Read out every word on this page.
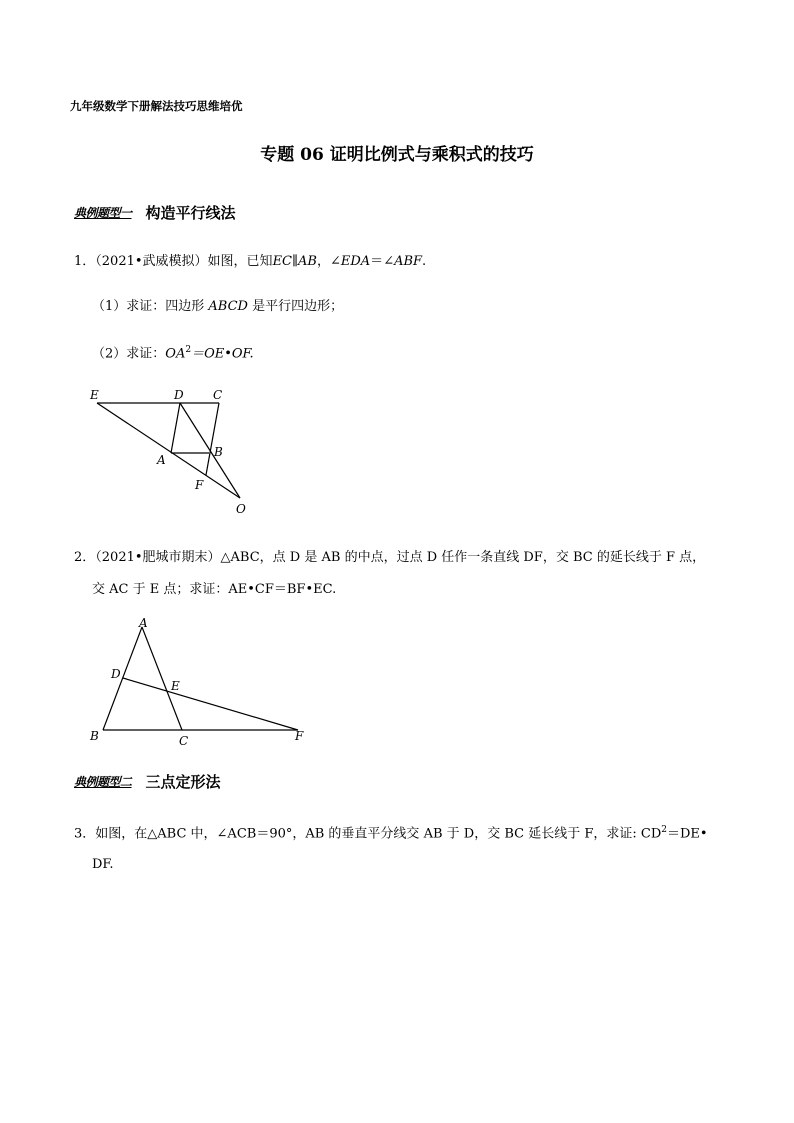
九年级数学下册解法技巧思维培优
专题 06 证明比例式与乘积式的技巧
典例题型一 构造平行线法
1．（2021•武威模拟）如图，已知EC∥AB，∠EDA＝∠ABF.
（1）求证：四边形 ABCD 是平行四边形；
（2）求证：$OA^2=OE•OF$.
E	D C
A
B
F
O
2．（2021•肥城市期末）△ABC，点 D 是 AB 的中点，过点 D 任作一条直线 DF，交 BC 的延长线于 F 点，
交 AC 于 E 点；求证：AE•CF＝BF•EC.
A
D
E
B	C	F
典例题型二 三点定形法
3．如图，在△ABC 中，∠ACB＝90°，AB 的垂直平分线交 AB 于 D，交 BC 延长线于 F，求证: $CD^2=DE•$
DF.
